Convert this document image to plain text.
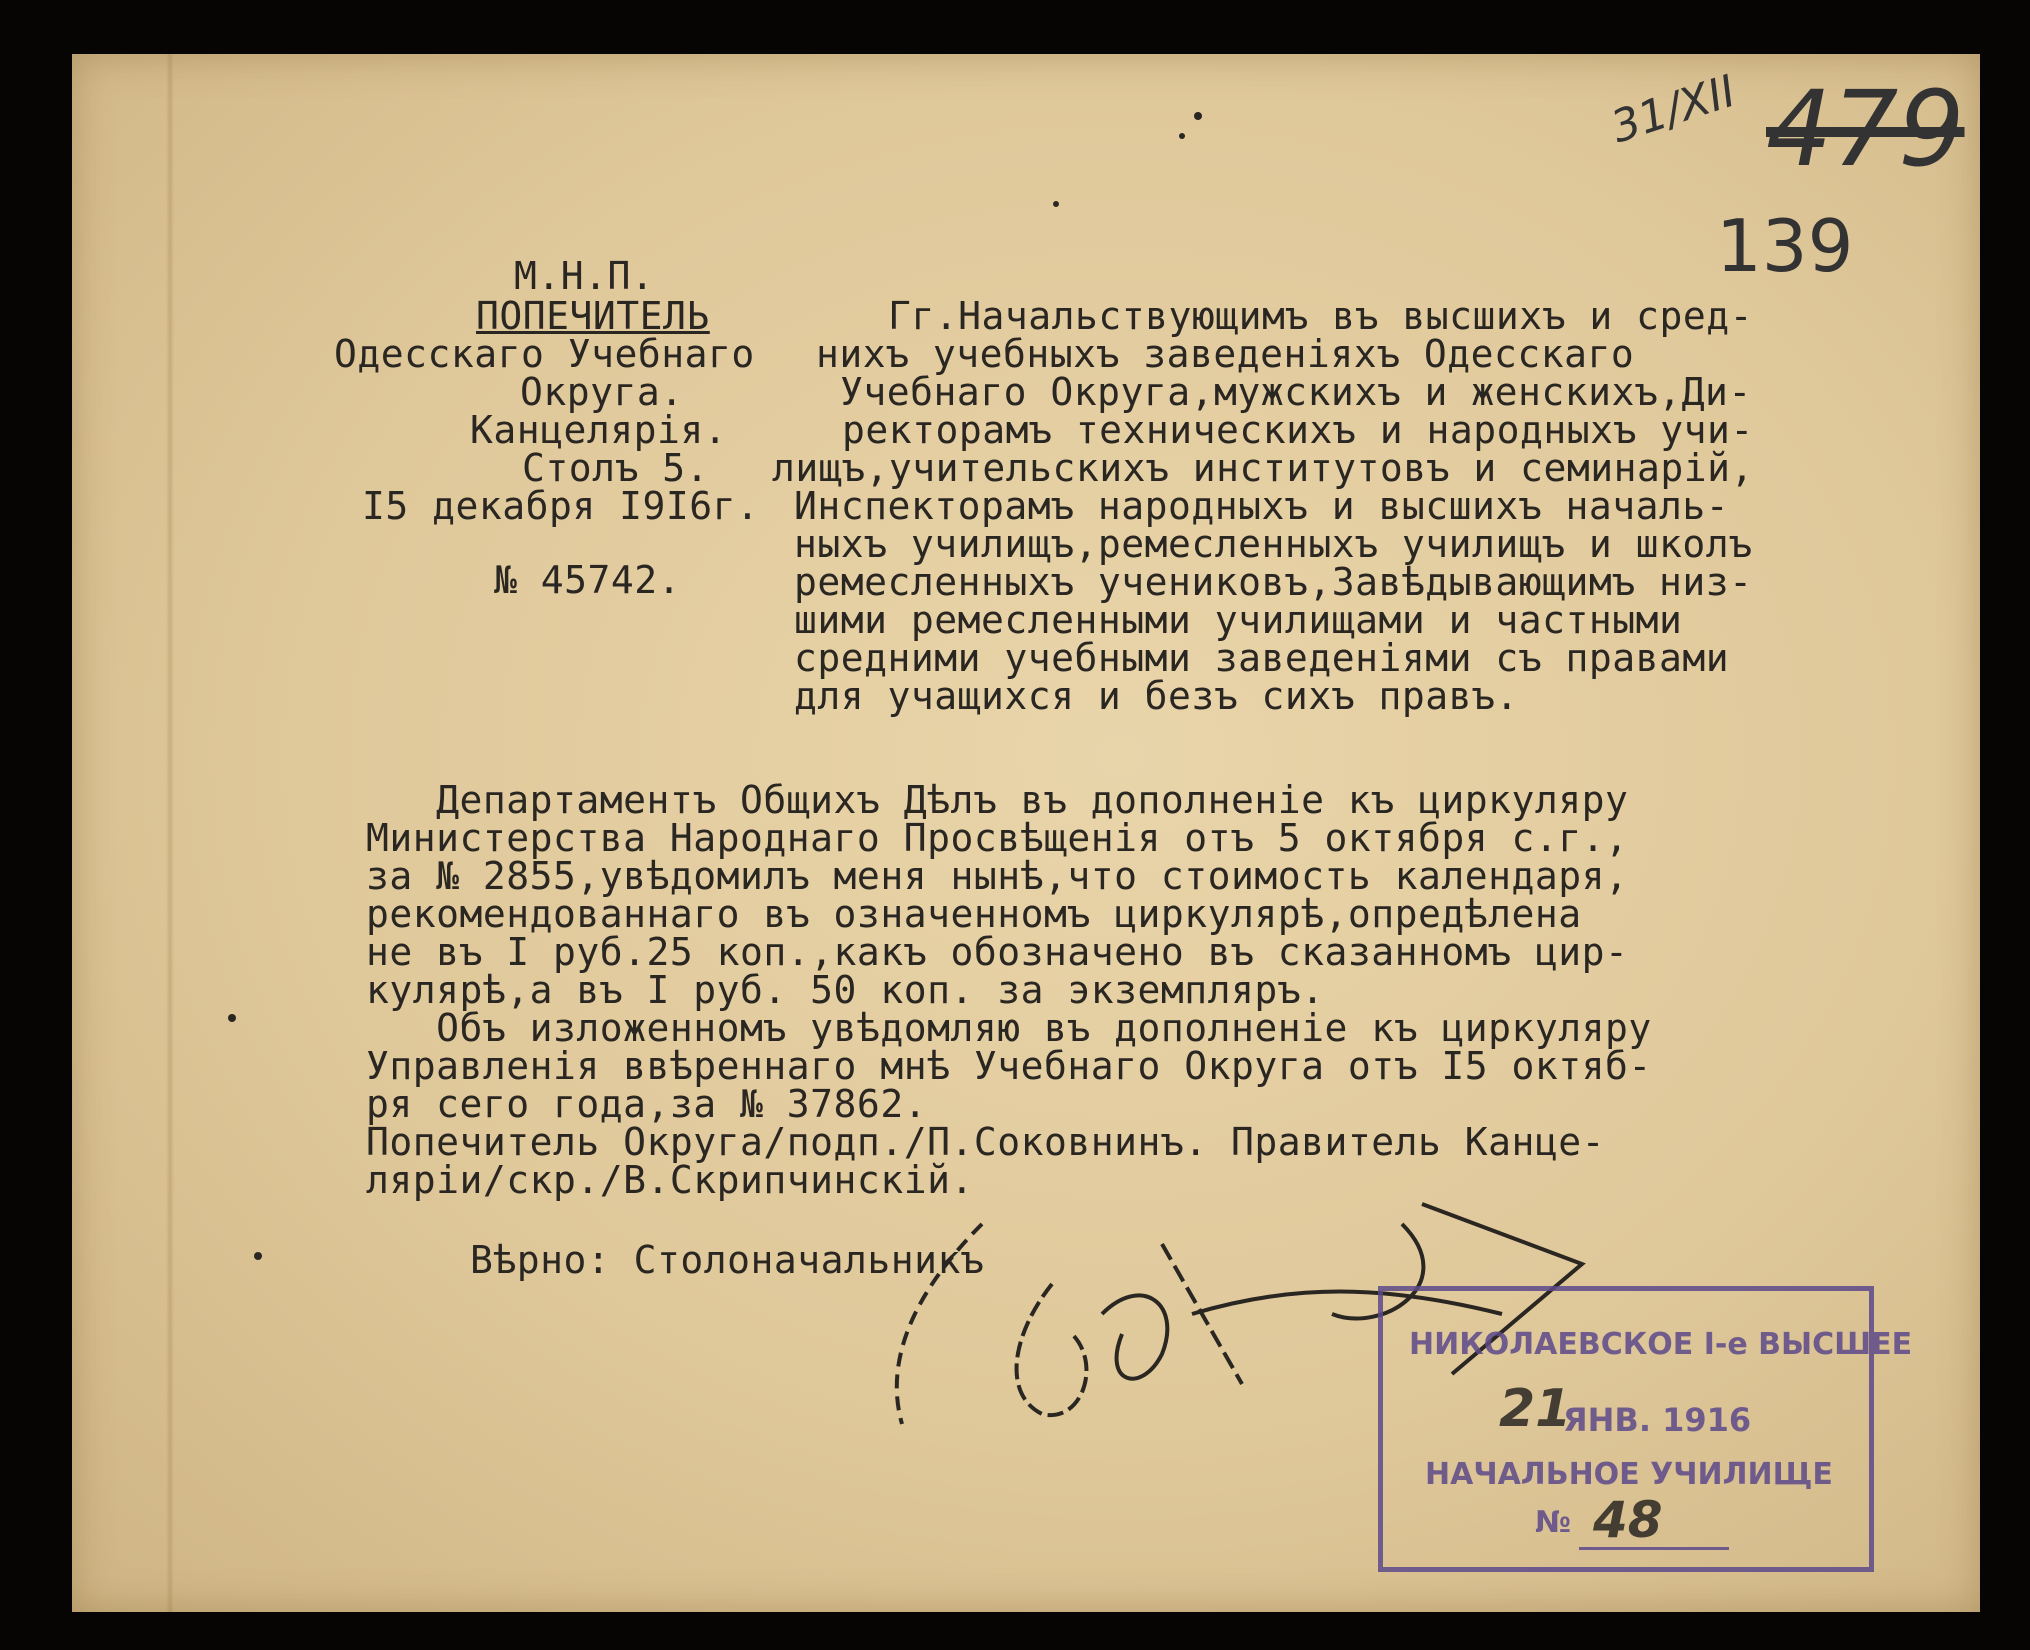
31/XII 479
139
М.Н.П.
ПОПЕЧИТЕЛЬ
Одесскаго Учебнаго
Округа.
Канцелярія.
Столъ 5.
I5 декабря I9I6г.
№ 45742.
Гг.Начальствующимъ въ высшихъ и сред-
нихъ учебныхъ заведеніяхъ Одесскаго
Учебнаго Округа,мужскихъ и женскихъ,Ди-
ректорамъ техническихъ и народныхъ учи-
лищъ,учительскихъ институтовъ и семинарій,
Инспекторамъ народныхъ и высшихъ началь-
ныхъ училищъ,ремесленныхъ училищъ и школъ
ремесленныхъ учениковъ,Завѣдывающимъ низ-
шими ремесленными училищами и частными
средними учебными заведеніями съ правами
для учащихся и безъ сихъ правъ.
Департаментъ Общихъ Дѣлъ въ дополненіе къ циркуляру
Министерства Народнаго Просвѣщенія отъ 5 октября с.г.,
за № 2855,увѣдомилъ меня нынѣ,что стоимость календаря,
рекомендованнаго въ означенномъ циркулярѣ,опредѣлена
не въ I руб.25 коп.,какъ обозначено въ сказанномъ цир-
кулярѣ,а въ I руб. 50 коп. за экземпляръ.
Объ изложенномъ увѣдомляю въ дополненіе къ циркуляру
Управленія ввѣреннаго мнѣ Учебнаго Округа отъ I5 октяб-
ря сего года,за № 37862.
Попечитель Округа/подп./П.Соковнинъ. Правитель Канце-
ляріи/скр./В.Скрипчинскій.
Вѣрно: Столоначальникъ
НИКОЛАЕВСКОЕ I-е ВЫСШЕЕ
21
ЯНВ. 1916
НАЧАЛЬНОЕ УЧИЛИЩЕ
№ 48
